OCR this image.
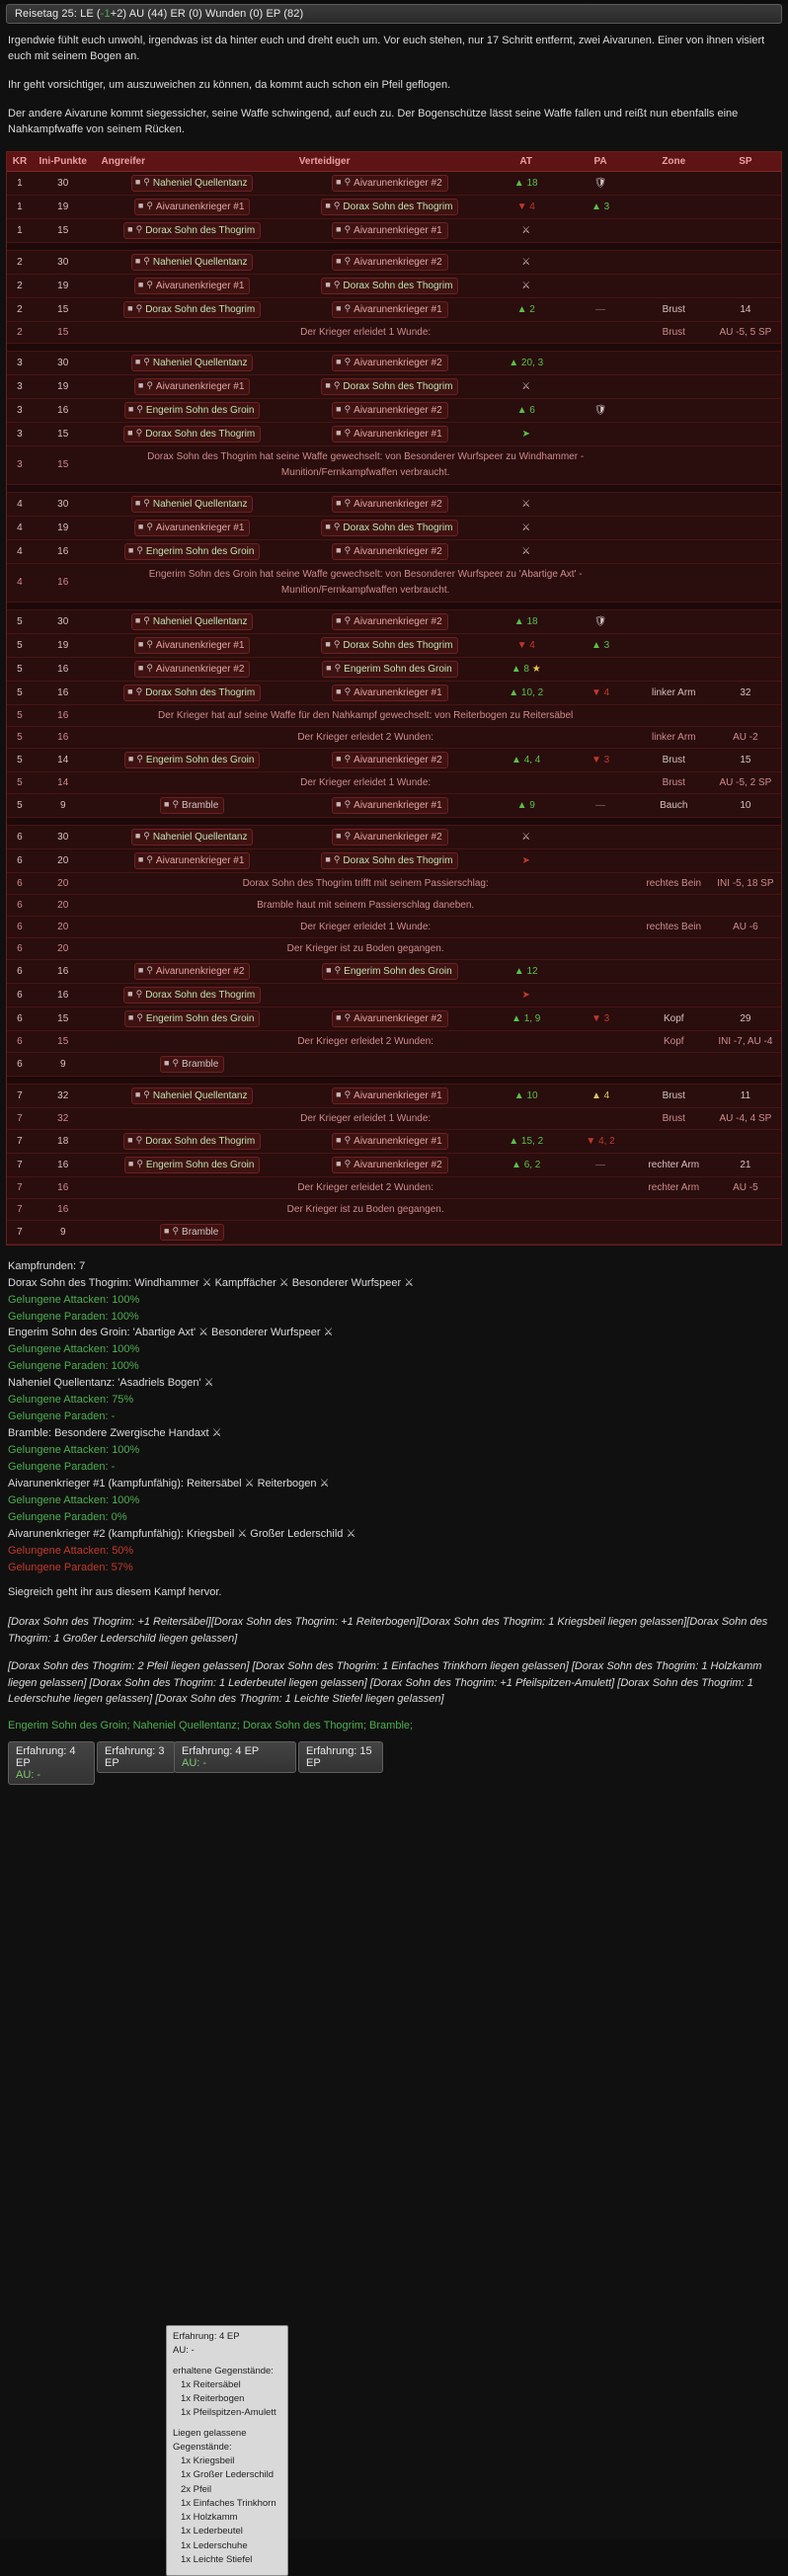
Reisetag 25: LE (-1+2) AU (44) ER (0) Wunden (0) EP (82)

Irgendwie fühlt euch unwohl, irgendwas ist da hinter euch und dreht euch um. Vor euch stehen, nur 17 Schritt entfernt, zwei Aivarunen. Einer von ihnen visiert euch mit seinem Bogen an.

Ihr geht vorsichtiger, um auszuweichen zu können, da kommt auch schon ein Pfeil geflogen.

Der andere Aivarune kommt siegessicher, seine Waffe schwingend, auf euch zu. Der Bogenschütze lässt seine Waffe fallen und reißt nun ebenfalls eine Nahkampfwaffe von seinem Rücken.

KR	Ini-Punkte	Angreifer	Verteidiger	AT	PA	Zone	SP
1	30	■ ⚲ Naheniel Quellentanz	■ ⚲ Aivarunenkrieger #2	▲ 18	🛡		
1	19	■ ⚲ Aivarunenkrieger #1	■ ⚲ Dorax Sohn des Thogrim	▼ 4	▲ 3		
1	15	■ ⚲ Dorax Sohn des Thogrim	■ ⚲ Aivarunenkrieger #1	⚔			

2	30	■ ⚲ Naheniel Quellentanz	■ ⚲ Aivarunenkrieger #2	⚔			
2	19	■ ⚲ Aivarunenkrieger #1	■ ⚲ Dorax Sohn des Thogrim	⚔			
2	15	■ ⚲ Dorax Sohn des Thogrim	■ ⚲ Aivarunenkrieger #1	▲ 2	—	Brust	14
2	15	Der Krieger erleidet 1 Wunde:				Brust	AU -5, 5 SP

3	30	■ ⚲ Naheniel Quellentanz	■ ⚲ Aivarunenkrieger #2	▲ 20, 3			
3	19	■ ⚲ Aivarunenkrieger #1	■ ⚲ Dorax Sohn des Thogrim	⚔			
3	16	■ ⚲ Engerim Sohn des Groin	■ ⚲ Aivarunenkrieger #2	▲ 6	🛡		
3	15	■ ⚲ Dorax Sohn des Thogrim	■ ⚲ Aivarunenkrieger #1	➤			
3	15	Dorax Sohn des Thogrim hat seine Waffe gewechselt: von Besonderer Wurfspeer zu Windhammer -
Munition/Fernkampfwaffen verbraucht.					

4	30	■ ⚲ Naheniel Quellentanz	■ ⚲ Aivarunenkrieger #2	⚔			
4	19	■ ⚲ Aivarunenkrieger #1	■ ⚲ Dorax Sohn des Thogrim	⚔			
4	16	■ ⚲ Engerim Sohn des Groin	■ ⚲ Aivarunenkrieger #2	⚔			
4	16	Engerim Sohn des Groin hat seine Waffe gewechselt: von Besonderer Wurfspeer zu 'Abartige Axt' -
Munition/Fernkampfwaffen verbraucht.					

5	30	■ ⚲ Naheniel Quellentanz	■ ⚲ Aivarunenkrieger #2	▲ 18	🛡		
5	19	■ ⚲ Aivarunenkrieger #1	■ ⚲ Dorax Sohn des Thogrim	▼ 4	▲ 3		
5	16	■ ⚲ Aivarunenkrieger #2	■ ⚲ Engerim Sohn des Groin	▲ 8 ★			
5	16	■ ⚲ Dorax Sohn des Thogrim	■ ⚲ Aivarunenkrieger #1	▲ 10, 2	▼ 4	linker Arm	32
5	16	Der Krieger hat auf seine Waffe für den Nahkampf gewechselt: von Reiterbogen zu Reitersäbel					
5	16	Der Krieger erleidet 2 Wunden:				linker Arm	AU -2
5	14	■ ⚲ Engerim Sohn des Groin	■ ⚲ Aivarunenkrieger #2	▲ 4, 4	▼ 3	Brust	15
5	14	Der Krieger erleidet 1 Wunde:				Brust	AU -5, 2 SP
5	9	■ ⚲ Bramble	■ ⚲ Aivarunenkrieger #1	▲ 9	—	Bauch	10

6	30	■ ⚲ Naheniel Quellentanz	■ ⚲ Aivarunenkrieger #2	⚔			
6	20	■ ⚲ Aivarunenkrieger #1	■ ⚲ Dorax Sohn des Thogrim	➤			
6	20	Dorax Sohn des Thogrim trifft mit seinem Passierschlag:				rechtes Bein	INI -5, 18 SP
6	20	Bramble haut mit seinem Passierschlag daneben.					
6	20	Der Krieger erleidet 1 Wunde:				rechtes Bein	AU -6
6	20	Der Krieger ist zu Boden gegangen.					
6	16	■ ⚲ Aivarunenkrieger #2	■ ⚲ Engerim Sohn des Groin	▲ 12			
6	16	■ ⚲ Dorax Sohn des Thogrim		➤			
6	15	■ ⚲ Engerim Sohn des Groin	■ ⚲ Aivarunenkrieger #2	▲ 1, 9	▼ 3	Kopf	29
6	15	Der Krieger erleidet 2 Wunden:				Kopf	INI -7, AU -4
6	9	■ ⚲ Bramble					

7	32	■ ⚲ Naheniel Quellentanz	■ ⚲ Aivarunenkrieger #1	▲ 10	▲ 4	Brust	11
7	32	Der Krieger erleidet 1 Wunde:				Brust	AU -4, 4 SP
7	18	■ ⚲ Dorax Sohn des Thogrim	■ ⚲ Aivarunenkrieger #1	▲ 15, 2	▼ 4, 2		
7	16	■ ⚲ Engerim Sohn des Groin	■ ⚲ Aivarunenkrieger #2	▲ 6, 2	—	rechter Arm	21
7	16	Der Krieger erleidet 2 Wunden:				rechter Arm	AU -5
7	16	Der Krieger ist zu Boden gegangen.					
7	9	■ ⚲ Bramble					

Kampfrunden: 7
Dorax Sohn des Thogrim: Windhammer ⚔ Kampffächer ⚔ Besonderer Wurfspeer ⚔
Gelungene Attacken: 100%
Gelungene Paraden: 100%
Engerim Sohn des Groin: 'Abartige Axt' ⚔ Besonderer Wurfspeer ⚔
Gelungene Attacken: 100%
Gelungene Paraden: 100%
Naheniel Quellentanz: 'Asadriels Bogen' ⚔
Gelungene Attacken: 75%
Gelungene Paraden: -
Bramble: Besondere Zwergische Handaxt ⚔
Gelungene Attacken: 100%
Gelungene Paraden: -
Aivarunenkrieger #1 (kampfunfähig): Reitersäbel ⚔ Reiterbogen ⚔
Gelungene Attacken: 100%
Gelungene Paraden: 0%
Aivarunenkrieger #2 (kampfunfähig): Kriegsbeil ⚔ Großer Lederschild ⚔
Gelungene Attacken: 50%
Gelungene Paraden: 57%
Siegreich geht ihr aus diesem Kampf hervor.

[Dorax Sohn des Thogrim: +1 Reitersäbel][Dorax Sohn des Thogrim: +1 Reiterbogen][Dorax Sohn des Thogrim: 1 Kriegsbeil liegen gelassen][Dorax Sohn des Thogrim: 1 Großer Lederschild liegen gelassen]

[Dorax Sohn des Thogrim: 2 Pfeil liegen gelassen] [Dorax Sohn des Thogrim: 1 Einfaches Trinkhorn liegen gelassen] [Dorax Sohn des Thogrim: 1 Holzkamm liegen gelassen] [Dorax Sohn des Thogrim: 1 Lederbeutel liegen gelassen] [Dorax Sohn des Thogrim: +1 Pfeilspitzen-Amulett] [Dorax Sohn des Thogrim: 1 Lederschuhe liegen gelassen] [Dorax Sohn des Thogrim: 1 Leichte Stiefel liegen gelassen]

Engerim Sohn des Groin; Naheniel Quellentanz; Dorax Sohn des Thogrim; Bramble;
Erfahrung: 4 EP
AU: -
Erfahrung: 3 EP
Erfahrung: 4 EP
AU: -
Erfahrung: 15 EP
Erfahrung: 4 EP
AU: -
erhaltene Gegenstände:
1x Reitersäbel
1x Reiterbogen
1x Pfeilspitzen-Amulett
Liegen gelassene Gegenstände:
1x Kriegsbeil
1x Großer Lederschild
2x Pfeil
1x Einfaches Trinkhorn
1x Holzkamm
1x Lederbeutel
1x Lederschuhe
1x Leichte Stiefel
